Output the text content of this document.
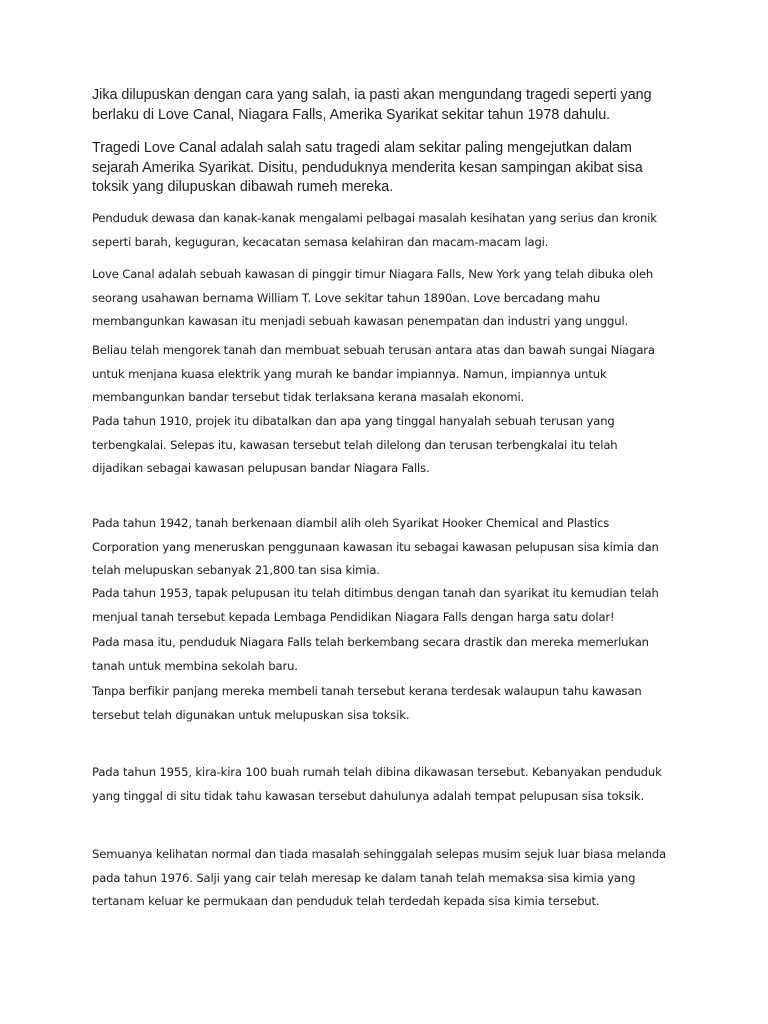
Jika dilupuskan dengan cara yang salah, ia pasti akan mengundang tragedi seperti yang
berlaku di Love Canal, Niagara Falls, Amerika Syarikat sekitar tahun 1978 dahulu.

Tragedi Love Canal adalah salah satu tragedi alam sekitar paling mengejutkan dalam
sejarah Amerika Syarikat. Disitu, penduduknya menderita kesan sampingan akibat sisa
toksik yang dilupuskan dibawah rumeh mereka.

Penduduk dewasa dan kanak-kanak mengalami pelbagai masalah kesihatan yang serius dan kronik
seperti barah, keguguran, kecacatan semasa kelahiran dan macam-macam lagi.

Love Canal adalah sebuah kawasan di pinggir timur Niagara Falls, New York yang telah dibuka oleh
seorang usahawan bernama William T. Love sekitar tahun 1890an. Love bercadang mahu
membangunkan kawasan itu menjadi sebuah kawasan penempatan dan industri yang unggul.

Beliau telah mengorek tanah dan membuat sebuah terusan antara atas dan bawah sungai Niagara
untuk menjana kuasa elektrik yang murah ke bandar impiannya. Namun, impiannya untuk
membangunkan bandar tersebut tidak terlaksana kerana masalah ekonomi.

Pada tahun 1910, projek itu dibatalkan dan apa yang tinggal hanyalah sebuah terusan yang
terbengkalai. Selepas itu, kawasan tersebut telah dilelong dan terusan terbengkalai itu telah
dijadikan sebagai kawasan pelupusan bandar Niagara Falls.

Pada tahun 1942, tanah berkenaan diambil alih oleh Syarikat Hooker Chemical and Plastics
Corporation yang meneruskan penggunaan kawasan itu sebagai kawasan pelupusan sisa kimia dan
telah melupuskan sebanyak 21,800 tan sisa kimia.

Pada tahun 1953, tapak pelupusan itu telah ditimbus dengan tanah dan syarikat itu kemudian telah
menjual tanah tersebut kepada Lembaga Pendidikan Niagara Falls dengan harga satu dolar!

Pada masa itu, penduduk Niagara Falls telah berkembang secara drastik dan mereka memerlukan
tanah untuk membina sekolah baru.

Tanpa berfikir panjang mereka membeli tanah tersebut kerana terdesak walaupun tahu kawasan
tersebut telah digunakan untuk melupuskan sisa toksik.

Pada tahun 1955, kira-kira 100 buah rumah telah dibina dikawasan tersebut. Kebanyakan penduduk
yang tinggal di situ tidak tahu kawasan tersebut dahulunya adalah tempat pelupusan sisa toksik.

Semuanya kelihatan normal dan tiada masalah sehinggalah selepas musim sejuk luar biasa melanda
pada tahun 1976. Salji yang cair telah meresap ke dalam tanah telah memaksa sisa kimia yang
tertanam keluar ke permukaan dan penduduk telah terdedah kepada sisa kimia tersebut.
